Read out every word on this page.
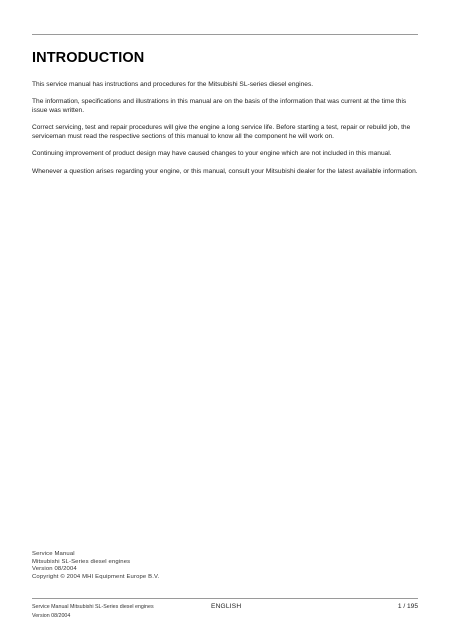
INTRODUCTION

This service manual has instructions and procedures for the Mitsubishi SL-series diesel engines.

The information, specifications and illustrations in this manual are on the basis of the information that was current at the time this issue was written.

Correct servicing, test and repair procedures will give the engine a long service life. Before starting a test, repair or rebuild job, the serviceman must read the respective sections of this manual to know all the component he will work on.

Continuing improvement of product design may have caused changes to your engine which are not included in this manual.

Whenever a question arises regarding your engine, or this manual, consult your Mitsubishi dealer for the latest available information.

Service Manual
Mitsubishi SL-Series diesel engines
Version 08/2004
Copyright © 2004 MHI Equipment Europe B.V.
Service Manual Mitsubishi SL-Series diesel engines
Version 08/2004
ENGLISH	1 / 195
